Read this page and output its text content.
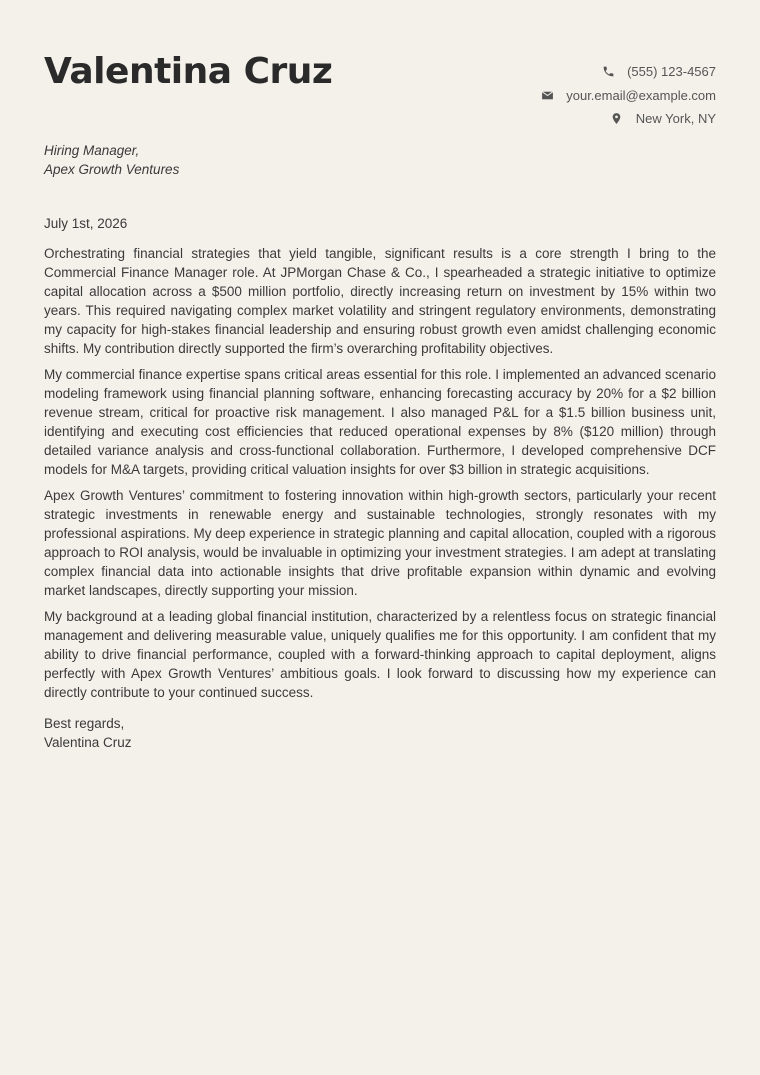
Valentina Cruz	(555) 123-4567
your.email@example.com
New York, NY
Hiring Manager,
Apex Growth Ventures
July 1st, 2026

Orchestrating financial strategies that yield tangible, significant results is a core strength I bring to the Commercial Finance Manager role. At JPMorgan Chase & Co., I spearheaded a strategic initiative to optimize capital allocation across a $500 million portfolio, directly increasing return on investment by 15% within two years. This required navigating complex market volatility and stringent regulatory environments, demonstrating my capacity for high-stakes financial leadership and ensuring robust growth even amidst challenging economic shifts. My contribution directly supported the firm’s overarching profitability objectives.

My commercial finance expertise spans critical areas essential for this role. I implemented an advanced scenario modeling framework using financial planning software, enhancing forecasting accuracy by 20% for a $2 billion revenue stream, critical for proactive risk management. I also managed P&L for a $1.5 billion business unit, identifying and executing cost efficiencies that reduced operational expenses by 8% ($120 million) through detailed variance analysis and cross-functional collaboration. Furthermore, I developed comprehensive DCF models for M&A targets, providing critical valuation insights for over $3 billion in strategic acquisitions.

Apex Growth Ventures’ commitment to fostering innovation within high-growth sectors, particularly your recent strategic investments in renewable energy and sustainable technologies, strongly resonates with my professional aspirations. My deep experience in strategic planning and capital allocation, coupled with a rigorous approach to ROI analysis, would be invaluable in optimizing your investment strategies. I am adept at translating complex financial data into actionable insights that drive profitable expansion within dynamic and evolving market landscapes, directly supporting your mission.

My background at a leading global financial institution, characterized by a relentless focus on strategic financial management and delivering measurable value, uniquely qualifies me for this opportunity. I am confident that my ability to drive financial performance, coupled with a forward-thinking approach to capital deployment, aligns perfectly with Apex Growth Ventures’ ambitious goals. I look forward to discussing how my experience can directly contribute to your continued success.

Best regards,
Valentina Cruz
